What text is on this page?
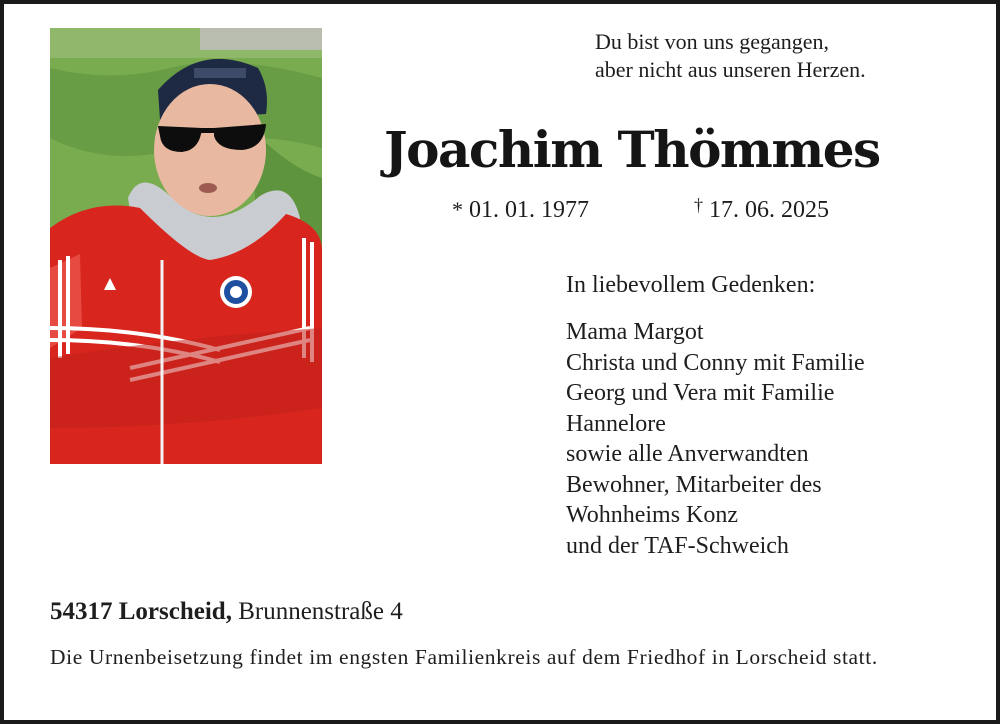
Du bist von uns gegangen,
aber nicht aus unseren Herzen.
Joachim Thömmes
* 01. 01. 1977	† 17. 06. 2025
In liebevollem Gedenken:
Mama Margot
Christa und Conny mit Familie
Georg und Vera mit Familie
Hannelore
sowie alle Anverwandten
Bewohner, Mitarbeiter des
Wohnheims Konz
und der TAF-Schweich
54317 Lorscheid, Brunnenstraße 4
Die Urnenbeisetzung findet im engsten Familienkreis auf dem Friedhof in Lorscheid statt.
